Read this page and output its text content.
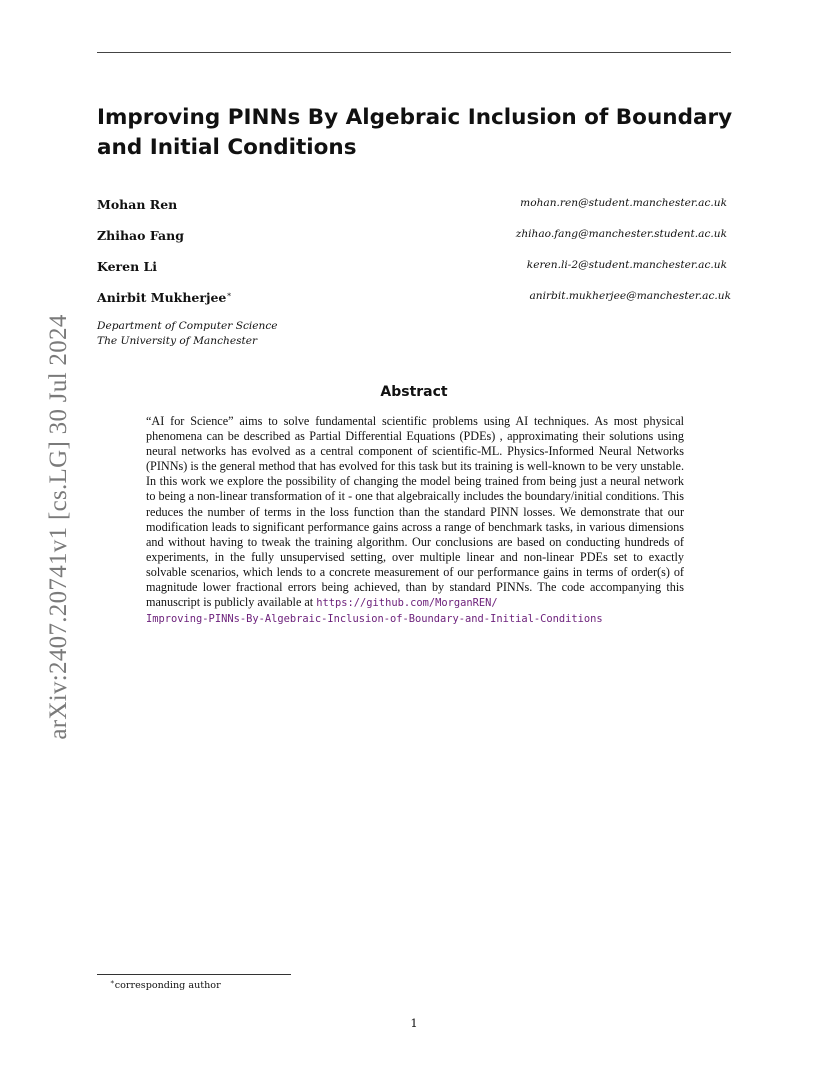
arXiv:2407.20741v1 [cs.LG] 30 Jul 2024
Improving PINNs By Algebraic Inclusion of Boundary and Initial Conditions
Mohan Ren	mohan.ren@student.manchester.ac.uk
Zhihao Fang	zhihao.fang@manchester.student.ac.uk
Keren Li	keren.li-2@student.manchester.ac.uk
Anirbit Mukherjee∗	anirbit.mukherjee@manchester.ac.uk
Department of Computer Science
The University of Manchester
Abstract

“AI for Science” aims to solve fundamental scientific problems using AI techniques. As most physical phenomena can be described as Partial Differential Equations (PDEs) , approximating their solutions using neural networks has evolved as a central component of scientific-ML. Physics-Informed Neural Networks (PINNs) is the general method that has evolved for this task but its training is well-known to be very unstable. In this work we explore the possibility of changing the model being trained from being just a neural network to being a non-linear transformation of it - one that algebraically includes the boundary/initial conditions. This reduces the number of terms in the loss function than the standard PINN losses. We demonstrate that our modification leads to significant performance gains across a range of benchmark tasks, in various dimensions and without having to tweak the training algorithm. Our conclusions are based on conducting hundreds of experiments, in the fully unsupervised setting, over multiple linear and non-linear PDEs set to exactly solvable scenarios, which lends to a concrete measurement of our performance gains in terms of order(s) of magnitude lower fractional errors being achieved, than by standard PINNs. The code accompanying this manuscript is publicly available at https://github.com/MorganREN/
Improving-PINNs-By-Algebraic-Inclusion-of-Boundary-and-Initial-Conditions

∗corresponding author
1
